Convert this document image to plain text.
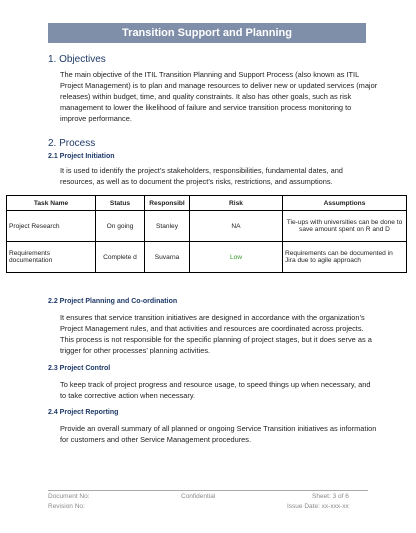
Transition Support and Planning
1. Objectives
The main objective of the ITIL Transition Planning and Support Process (also known as ITIL Project Management) is to plan and manage resources to deliver new or updated services (major releases) within budget, time, and quality constraints. It also has other goals, such as risk management to lower the likelihood of failure and service transition process monitoring to improve performance.
2. Process
2.1 Project Initiation
It is used to identify the project’s stakeholders, responsibilities, fundamental dates, and resources, as well as to document the project’s risks, restrictions, and assumptions.
Task Name	Status	Responsibl	Risk	Assumptions
Project Research	On going	Stanley	NA	Tie-ups with universities can be done to save amount spent on R and D
Requirements documentation	Complete d	Suvarna	Low	Requirements can be documented in Jira due to agile approach
2.2 Project Planning and Co-ordination
It ensures that service transition initiatives are designed in accordance with the organization’s Project Management rules, and that activities and resources are coordinated across projects. This process is not responsible for the specific planning of project stages, but it does serve as a trigger for other processes’ planning activities.
2.3 Project Control
To keep track of project progress and resource usage, to speed things up when necessary, and to take corrective action when necessary.
2.4 Project Reporting
Provide an overall summary of all planned or ongoing Service Transition initiatives as information for customers and other Service Management procedures.
Document No:
Revision No:
Confidential	Sheet: 3 of 6
Issue Date: xx-xxx-xx
